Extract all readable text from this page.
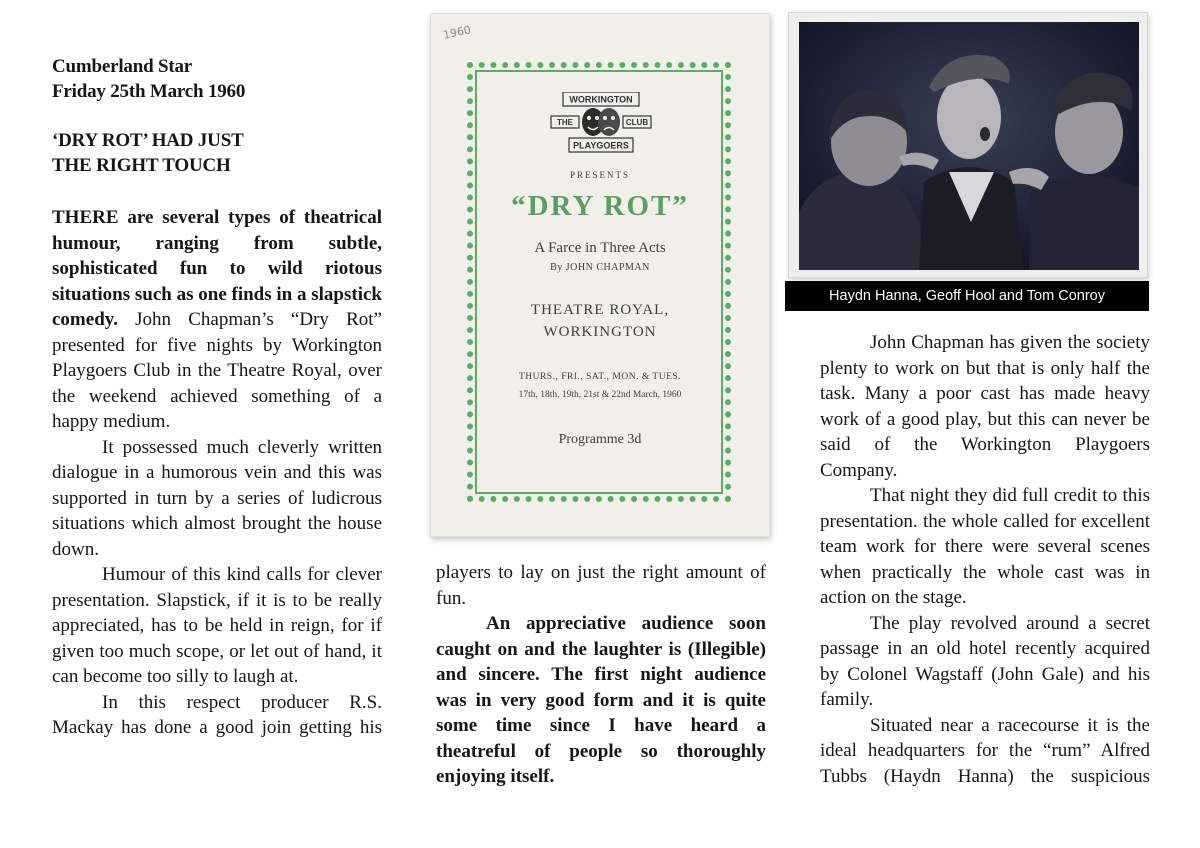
Cumberland Star
Friday 25th March 1960
‘DRY ROT’ HAD JUST
THE RIGHT TOUCH

THERE are several types of theatrical humour, ranging from subtle, sophisticated fun to wild riotous situations such as one finds in a slapstick comedy. John Chapman’s “Dry Rot” presented for five nights by Workington Playgoers Club in the Theatre Royal, over the weekend achieved something of a happy medium.

It possessed much cleverly written dialogue in a humorous vein and this was supported in turn by a series of ludicrous situations which almost brought the house down.

Humour of this kind calls for clever presentation. Slapstick, if it is to be really appreciated, has to be held in reign, for if given too much scope, or let out of hand, it can become too silly to laugh at.

In this respect producer R.S. Mackay has done a good join getting his

1960
WORKINGTON
THE	CLUB
PLAYGOERS
PRESENTS
“DRY ROT”
A Farce in Three Acts
By JOHN CHAPMAN
THEATRE ROYAL,
WORKINGTON
THURS., FRI., SAT., MON. & TUES.
17th, 18th, 19th, 21st & 22nd March, 1960
Programme 3d

players to lay on just the right amount of fun.

An appreciative audience soon caught on and the laughter is (Illegible) and sincere. The first night audience was in very good form and it is quite some time since I have heard a theatreful of people so thoroughly enjoying itself.

Haydn Hanna, Geoff Hool and Tom Conroy

John Chapman has given the society plenty to work on but that is only half the task. Many a poor cast has made heavy work of a good play, but this can never be said of the Workington Playgoers Company.

That night they did full credit to this presentation. the whole called for excellent team work for there were several scenes when practically the whole cast was in action on the stage.

The play revolved around a secret passage in an old hotel recently acquired by Colonel Wagstaff (John Gale) and his family.

Situated near a racecourse it is the ideal headquarters for the “rum” Alfred Tubbs (Haydn Hanna) the suspicious
